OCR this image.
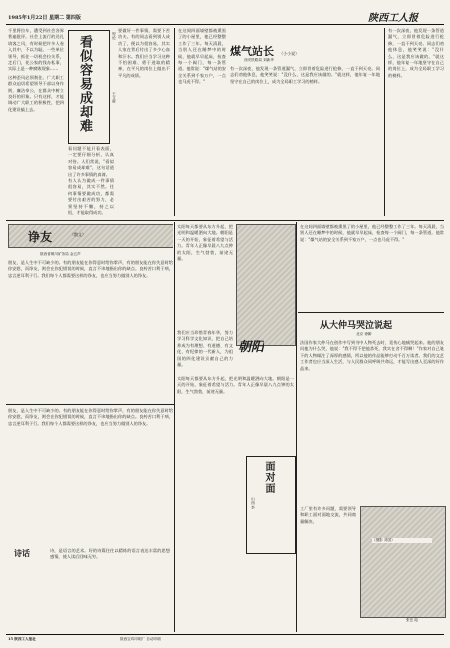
1985年1月22日 星期二 第四版	陕西工人报

千里将拉车，遭受到社会各界普遍批评。社会上流行的送礼请客之风，有时候把许多人卷入其中，不以为耻。一些单位领导，抓住一切机会拉关系，走后门，花公家的钱办私事，实际上是一种腐败现象……

这种歪风必须刹住。广大职工群众迫切希望领导干部以身作则，廉洁奉公，在群众中树立良好的形象。只有这样，才能调动广大职工的积极性，把四化建设搞上去。	看似容易成却难	短论
王文甫
要做好一件事情，需要下苦功夫。有的同志看到别人成功了，便以为很容易，其实人家在背后付出了多少心血和汗水。我们应当学习这种不怕困难、勇于进取的精神，在平凡的岗位上做出不平凡的成绩。

看问题不能只看表面，一定要仔细分析，认真对待。人们常说，"看似容易成却难"，这句话道出了许多事情的真谛。

有人认为做成一件事情很容易，其实不然。任何事情要做成功，都需要付出艰苦的努力，必须坚持不懈，持之以恒，才能取得成功。

煤气站长 （小小说）
西安铁路局 刘新华
在这间四面墙壁都被熏黑了的小屋里，他已经整整工作了三年。每天清晨，当别人还在睡梦中的时候，他就早早起床，检查每一个阀门，每一条管道。他常说："煤气站的安全关系到千家万户，一点也马虎不得。"
有一次深夜，他发现一条管道漏气，立即冒着危险进行抢修，一直干到天亮。同志们劝他休息，他笑笑说："没什么，这是我应该做的。"就这样，他年复一年地坚守在自己的岗位上，成为全局职工学习的榜样。
有一次深夜，他发现一条管道漏气，立即冒着危险进行抢修，一直干到天亮。同志们劝他休息，他笑笑说："没什么，这是我应该做的。"就这样，他年复一年地坚守在自己的岗位上，成为全局职工学习的榜样。
诤友	（散文）
陕西省铜川矿务局 金五声
朋友，是人生中不可缺少的。有的朋友能在你得意时给你掌声，有的朋友能在你失意时给你安慰，而诤友，则会在你犯错误的时候，直言不讳地指出你的缺点。良药苦口利于病，忠言逆耳利于行。我们每个人都需要这样的诤友，也应当努力做别人的诤友。
太阳每天都要从东方升起，把光明和温暖洒向大地。朝阳是一天的开始，象征着希望与活力。青年人正像早晨八九点钟的太阳，生气勃勃，前途无量。
朝阳
我们应当珍惜青春年华，努力学习科学文化知识，把自己培养成为有理想、有道德、有文化、有纪律的一代新人，为祖国的四化建设贡献自己的力量。
太阳每天都要从东方升起，把光明和温暖洒向大地。朝阳是一天的开始，象征着希望与活力。青年人正像早晨八九点钟的太阳，生气勃勃，前途无量。
从大仲马哭泣说起
北京 徐翀
法国作家大仲马在创作中写到书中人物死去时，竟伤心地痛哭起来。他的朋友问他为什么哭，他说："我不得不把他杀死，我实在舍不得啊！"作家对自己笔下的人物倾注了深厚的感情，所以他的作品能够打动千百万读者。我们的文艺工作者也应当深入生活，与人民群众同呼吸共命运，才能写出感人至深的好作品来。
在这间四面墙壁都被熏黑了的小屋里，他已经整整工作了三年。每天清晨，当别人还在睡梦中的时候，他就早早起床，检查每一个阀门，每一条管道。他常说："煤气站的安全关系到千家万户，一点也马虎不得。"
（摄影 邓国）
张岳 绘
面对面
山西 李	工厂里有许多问题，需要领导和职工面对面地交流，共同商量解决。
诗话	诗，是语言的艺术。好的诗篇往往以精炼的语言表达丰富的思想感情，使人读后回味无穷。
朋友，是人生中不可缺少的。有的朋友能在你得意时给你掌声，有的朋友能在你失意时给你安慰，而诤友，则会在你犯错误的时候，直言不讳地指出你的缺点。良药苦口利于病，忠言逆耳利于行。我们每个人都需要这样的诤友，也应当努力做别人的诤友。
15 陕西工人报社	陕西宝鸡印刷厂 自动印刷
